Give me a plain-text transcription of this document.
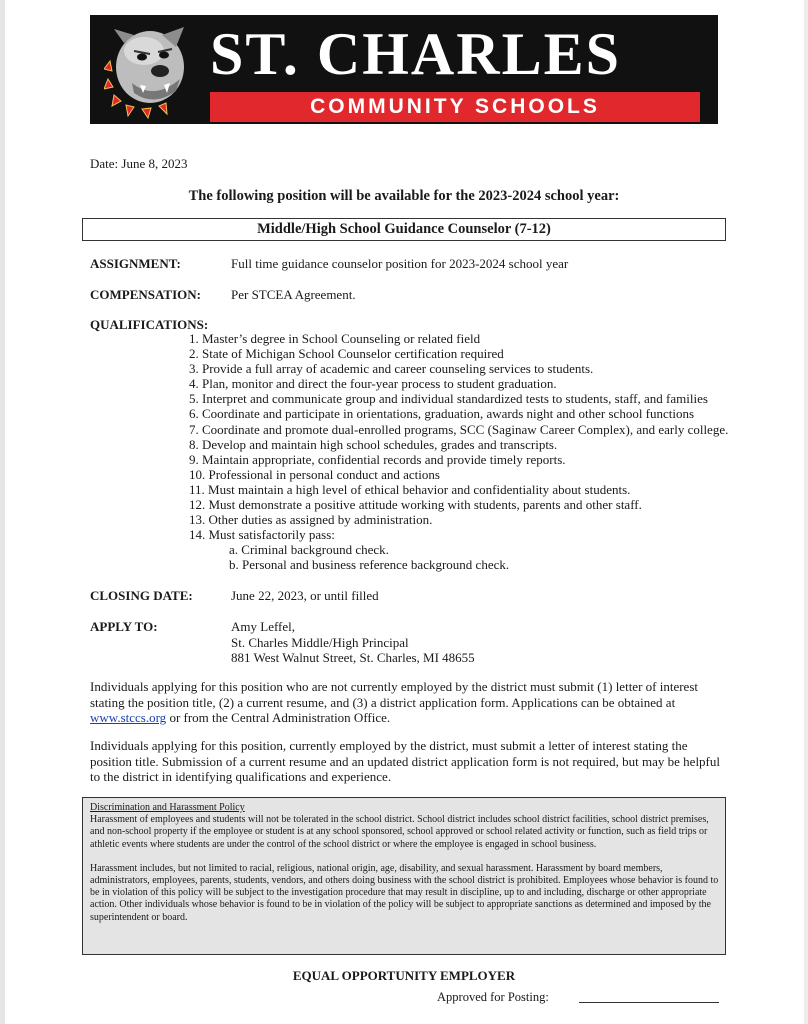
ST. CHARLES
COMMUNITY SCHOOLS
Date: June 8, 2023
The following position will be available for the 2023-2024 school year:
Middle/High School Guidance Counselor (7-12)
ASSIGNMENT:	Full time guidance counselor position for 2023-2024 school year
COMPENSATION: Per STCEA Agreement.
QUALIFICATIONS:
1. Master’s degree in School Counseling or related field
2. State of Michigan School Counselor certification required
3. Provide a full array of academic and career counseling services to students.
4. Plan, monitor and direct the four-year process to student graduation.
5. Interpret and communicate group and individual standardized tests to students, staff, and families
6. Coordinate and participate in orientations, graduation, awards night and other school functions
7. Coordinate and promote dual-enrolled programs, SCC (Saginaw Career Complex), and early college.
8. Develop and maintain high school schedules, grades and transcripts.
9. Maintain appropriate, confidential records and provide timely reports.
10. Professional in personal conduct and actions
11. Must maintain a high level of ethical behavior and confidentiality about students.
12. Must demonstrate a positive attitude working with students, parents and other staff.
13. Other duties as assigned by administration.
14. Must satisfactorily pass:
a. Criminal background check.
b. Personal and business reference background check.
CLOSING DATE:	June 22, 2023, or until filled
APPLY TO:	Amy Leffel,
St. Charles Middle/High Principal
881 West Walnut Street, St. Charles, MI 48655
Individuals applying for this position who are not currently employed by the district must submit (1) letter of interest stating the position title, (2) a current resume, and (3) a district application form. Applications can be obtained at www.stccs.org or from the Central Administration Office.
Individuals applying for this position, currently employed by the district, must submit a letter of interest stating the position title. Submission of a current resume and an updated district application form is not required, but may be helpful to the district in identifying qualifications and experience.
Discrimination and Harassment Policy
Harassment of employees and students will not be tolerated in the school district. School district includes school district facilities, school district premises, and non-school property if the employee or student is at any school sponsored, school approved or school related activity or function, such as field trips or athletic events where students are under the control of the school district or where the employee is engaged in school business.
Harassment includes, but not limited to racial, religious, national origin, age, disability, and sexual harassment. Harassment by board members, administrators, employees, parents, students, vendors, and others doing business with the school district is prohibited. Employees whose behavior is found to be in violation of this policy will be subject to the investigation procedure that may result in discipline, up to and including, discharge or other appropriate action. Other individuals whose behavior is found to be in violation of the policy will be subject to appropriate sanctions as determined and imposed by the superintendent or board.
EQUAL OPPORTUNITY EMPLOYER
Approved for Posting:
